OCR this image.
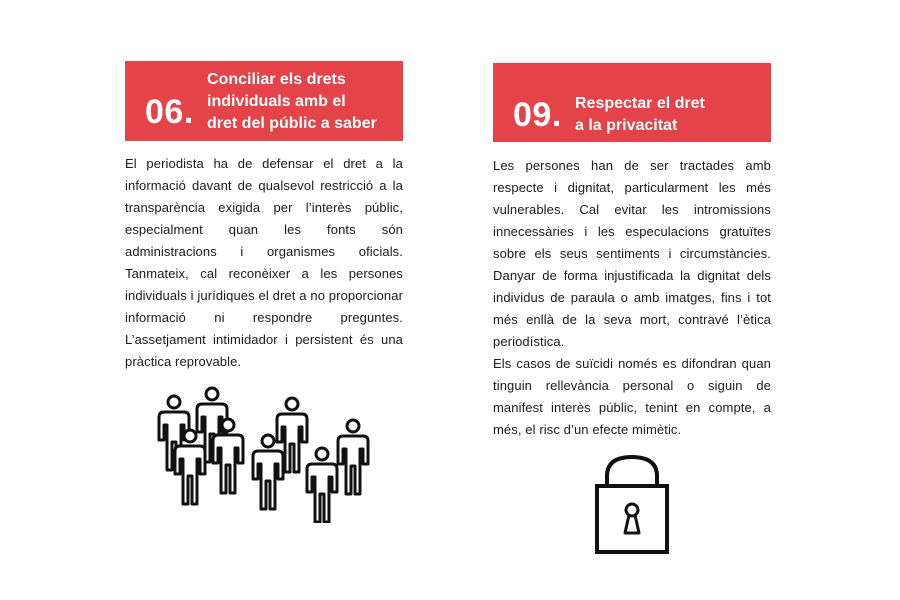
06.
Conciliar els drets
individuals amb el
dret del públic a saber

El periodista ha de defensar el dret a la informació davant de qualsevol restricció a la transparència exigida per l’interès públic, especialment quan les fonts són administracions i organismes oficials. Tanmateix, cal reconèixer a les persones individuals i jurídiques el dret a no proporcionar informació ni respondre preguntes. L’assetjament intimidador i persistent és una pràctica reprovable.

09. Respectar el dret
a la privacitat

Les persones han de ser tractades amb respecte i dignitat, particularment les més vulnerables. Cal evitar les intromissions innecessàries i les especulacions gratuïtes sobre els seus sentiments i circumstàncies. Danyar de forma injustificada la dignitat dels individus de paraula o amb imatges, fins i tot més enllà de la seva mort, contravé l’ètica periodística.

Els casos de suïcidi només es difondran quan tinguin rellevància personal o siguin de manifest interès públic, tenint en compte, a més, el risc d’un efecte mimètic.
